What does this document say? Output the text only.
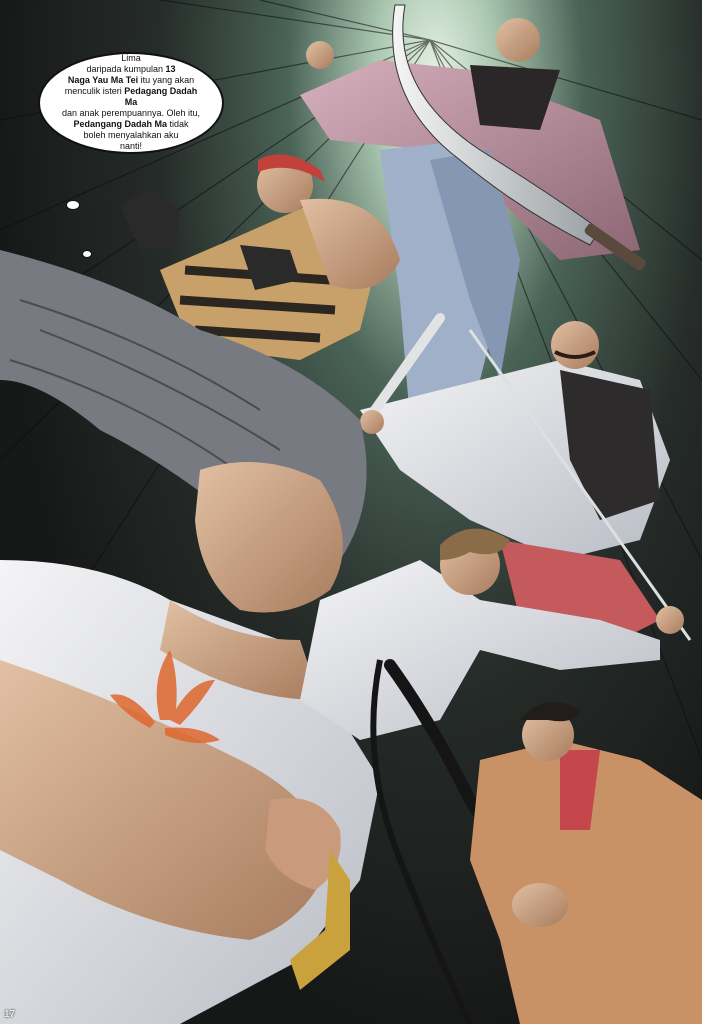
Lima
daripada kumpulan 13
Naga Yau Ma Tei itu yang akan
menculik isteri Pedagang Dadah Ma
dan anak perempuannya. Oleh itu,
Pedangang Dadah Ma tidak
boleh menyalahkan aku
nanti!
17
